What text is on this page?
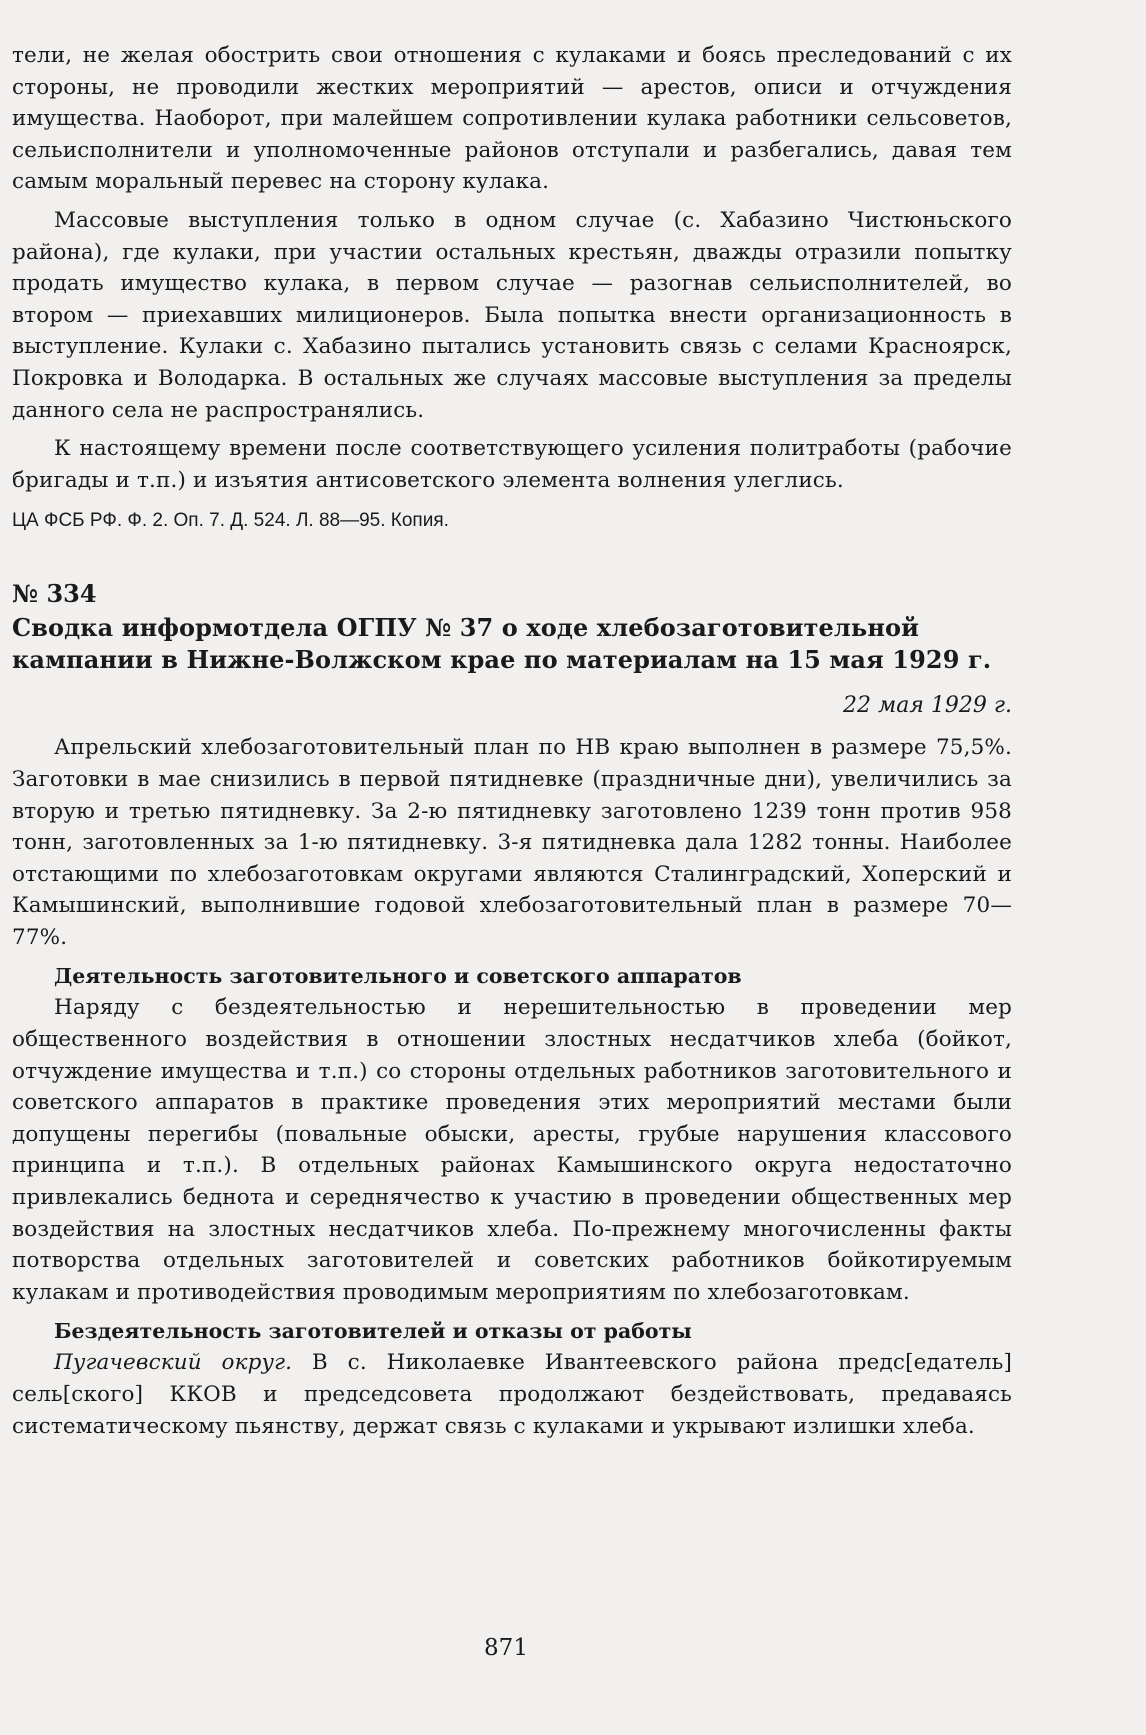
тели, не желая обострить свои отношения с кулаками и боясь преследований с их стороны, не проводили жестких мероприятий — арестов, описи и отчуждения имущества. Наоборот, при малейшем сопротивлении кулака работники сельсоветов, сельисполнители и уполномоченные районов отступали и разбегались, давая тем самым моральный перевес на сторону кулака.

Массовые выступления только в одном случае (с. Хабазино Чистюньского района), где кулаки, при участии остальных крестьян, дважды отразили попытку продать имущество кулака, в первом случае — разогнав сельисполнителей, во втором — приехавших милиционеров. Была попытка внести организационность в выступление. Кулаки с. Хабазино пытались установить связь с селами Красноярск, Покровка и Володарка. В остальных же случаях массовые выступления за пределы данного села не распространялись.

К настоящему времени после соответствующего усиления политработы (рабочие бригады и т.п.) и изъятия антисоветского элемента волнения улеглись.

ЦА ФСБ РФ. Ф. 2. Оп. 7. Д. 524. Л. 88—95. Копия.

№ 334
Сводка информотдела ОГПУ № 37 о ходе хлебозаготовительной кампании в Нижне-Волжском крае по материалам на 15 мая 1929 г.
22 мая 1929 г.

Апрельский хлебозаготовительный план по НВ краю выполнен в размере 75,5%. Заготовки в мае снизились в первой пятидневке (праздничные дни), увеличились за вторую и третью пятидневку. За 2-ю пятидневку заготовлено 1239 тонн против 958 тонн, заготовленных за 1-ю пятидневку. 3-я пятидневка дала 1282 тонны. Наиболее отстающими по хлебозаготовкам округами являются Сталинградский, Хоперский и Камышинский, выполнившие годовой хлебозаготовительный план в размере 70—77%.

Деятельность заготовительного и советского аппаратов

Наряду с бездеятельностью и нерешительностью в проведении мер общественного воздействия в отношении злостных несдатчиков хлеба (бойкот, отчуждение имущества и т.п.) со стороны отдельных работников заготовительного и советского аппаратов в практике проведения этих мероприятий местами были допущены перегибы (повальные обыски, аресты, грубые нарушения классового принципа и т.п.). В отдельных районах Камышинского округа недостаточно привлекались беднота и середнячество к участию в проведении общественных мер воздействия на злостных несдатчиков хлеба. По-прежнему многочисленны факты потворства отдельных заготовителей и советских работников бойкотируемым кулакам и противодействия проводимым мероприятиям по хлебозаготовкам.

Бездеятельность заготовителей и отказы от работы

Пугачевский округ. В с. Николаевке Ивантеевского района предс[едатель] сель[ского] ККОВ и председсовета продолжают бездействовать, предаваясь систематическому пьянству, держат связь с кулаками и укрывают излишки хлеба.

871
